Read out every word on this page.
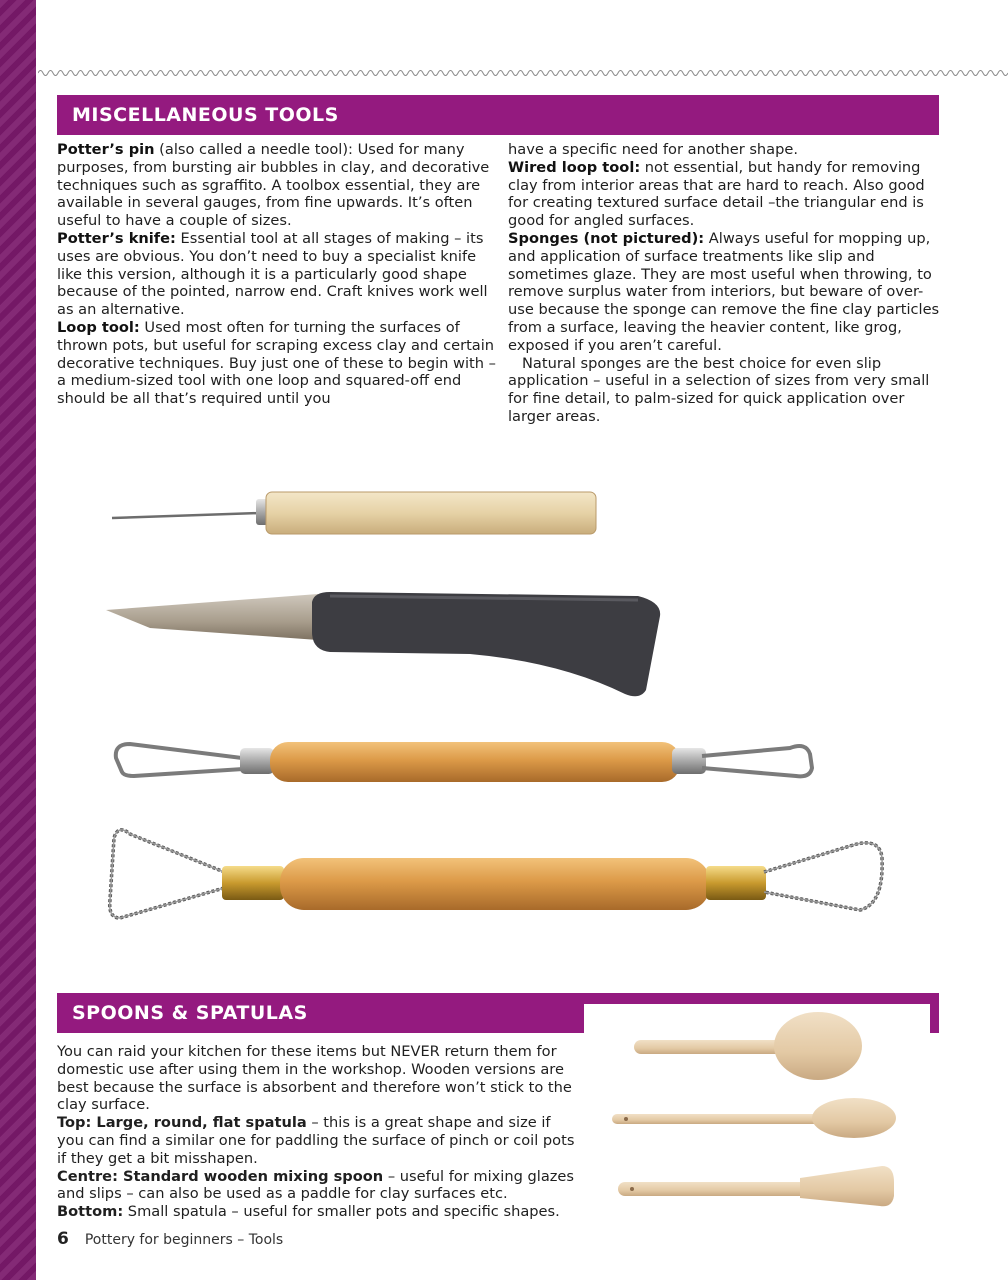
MISCELLANEOUS TOOLS

Potter’s pin (also called a needle tool): Used for many purposes, from bursting air bubbles in clay, and decorative techniques such as sgraffito. A toolbox essential, they are available in several gauges, from fine upwards. It’s often useful to have a couple of sizes.

Potter’s knife: Essential tool at all stages of making – its uses are obvious. You don’t need to buy a specialist knife like this version, although it is a particularly good shape because of the pointed, narrow end. Craft knives work well as an alternative.

Loop tool: Used most often for turning the surfaces of thrown pots, but useful for scraping excess clay and certain decorative techniques. Buy just one of these to begin with – a medium-sized tool with one loop and squared-off end should be all that’s required until you

have a specific need for another shape.

Wired loop tool: not essential, but handy for removing clay from interior areas that are hard to reach. Also good for creating textured surface detail –the triangular end is good for angled surfaces.

Sponges (not pictured): Always useful for mopping up, and application of surface treatments like slip and sometimes glaze. They are most useful when throwing, to remove surplus water from interiors, but beware of over-use because the sponge can remove the fine clay particles from a surface, leaving the heavier content, like grog, exposed if you aren’t careful.

Natural sponges are the best choice for even slip application – useful in a selection of sizes from very small for fine detail, to palm-sized for quick application over larger areas.

SPOONS & SPATULAS

You can raid your kitchen for these items but NEVER return them for domestic use after using them in the workshop. Wooden versions are best because the surface is absorbent and therefore won’t stick to the clay surface.

Top: Large, round, flat spatula – this is a great shape and size if you can find a similar one for paddling the surface of pinch or coil pots if they get a bit misshapen.

Centre: Standard wooden mixing spoon – useful for mixing glazes and slips – can also be used as a paddle for clay surfaces etc.

Bottom: Small spatula – useful for smaller pots and specific shapes.

6 Pottery for beginners – Tools
